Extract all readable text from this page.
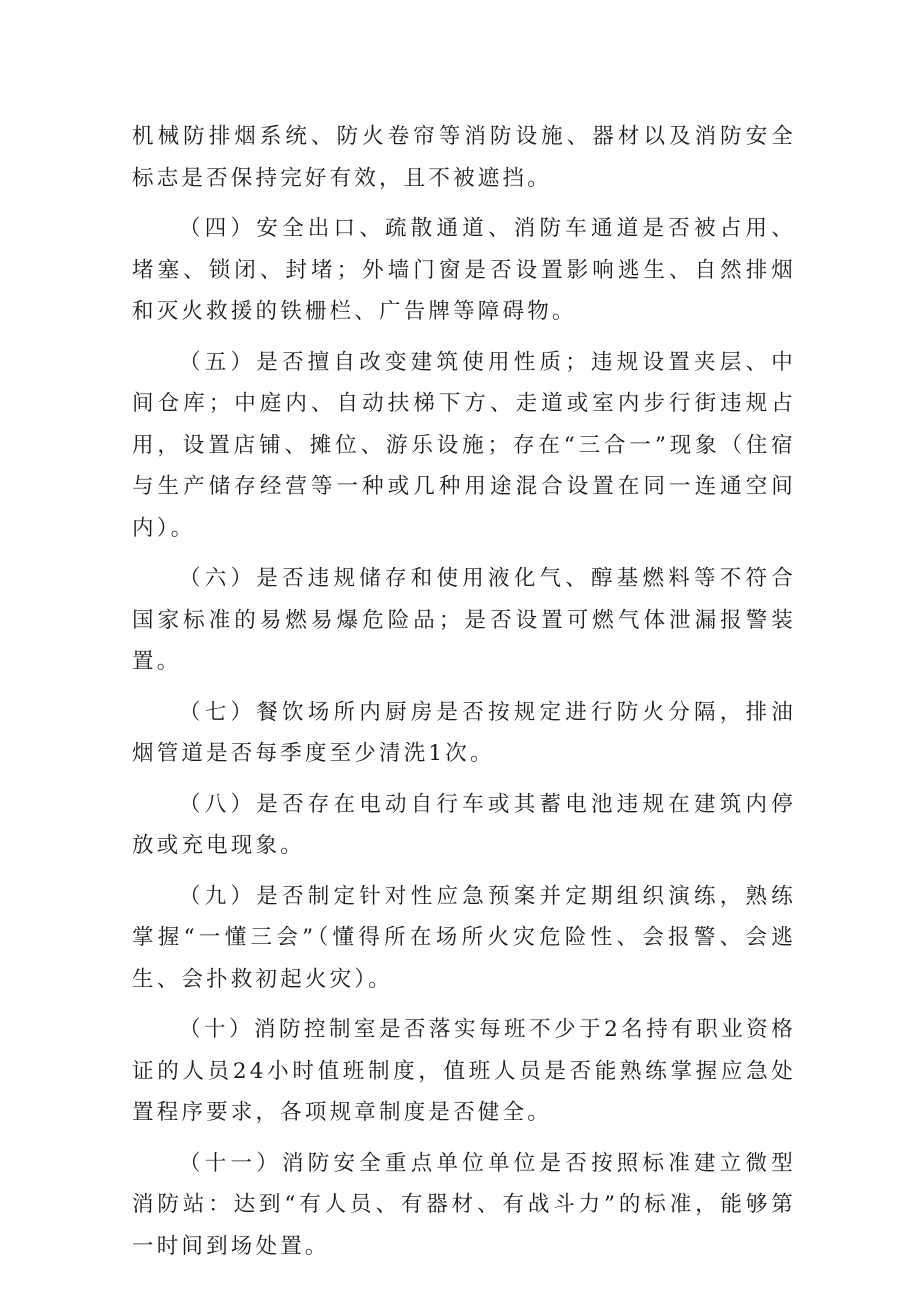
机械防排烟系统、防火卷帘等消防设施、器材以及消防安全标志是否保持完好有效，且不被遮挡。

（四）安全出口、疏散通道、消防车通道是否被占用、堵塞、锁闭、封堵；外墙门窗是否设置影响逃生、自然排烟和灭火救援的铁栅栏、广告牌等障碍物。

（五）是否擅自改变建筑使用性质；违规设置夹层、中间仓库；中庭内、自动扶梯下方、走道或室内步行街违规占用，设置店铺、摊位、游乐设施；存在“三合一”现象（住宿与生产储存经营等一种或几种用途混合设置在同一连通空间内）。

（六）是否违规储存和使用液化气、醇基燃料等不符合国家标准的易燃易爆危险品；是否设置可燃气体泄漏报警装置。

（七）餐饮场所内厨房是否按规定进行防火分隔，排油烟管道是否每季度至少清洗1次。

（八）是否存在电动自行车或其蓄电池违规在建筑内停放或充电现象。

（九）是否制定针对性应急预案并定期组织演练，熟练掌握“一懂三会”（懂得所在场所火灾危险性、会报警、会逃生、会扑救初起火灾）。

（十）消防控制室是否落实每班不少于2名持有职业资格证的人员24小时值班制度，值班人员是否能熟练掌握应急处置程序要求，各项规章制度是否健全。

（十一）消防安全重点单位单位是否按照标准建立微型消防站：达到“有人员、有器材、有战斗力”的标准，能够第一时间到场处置。
